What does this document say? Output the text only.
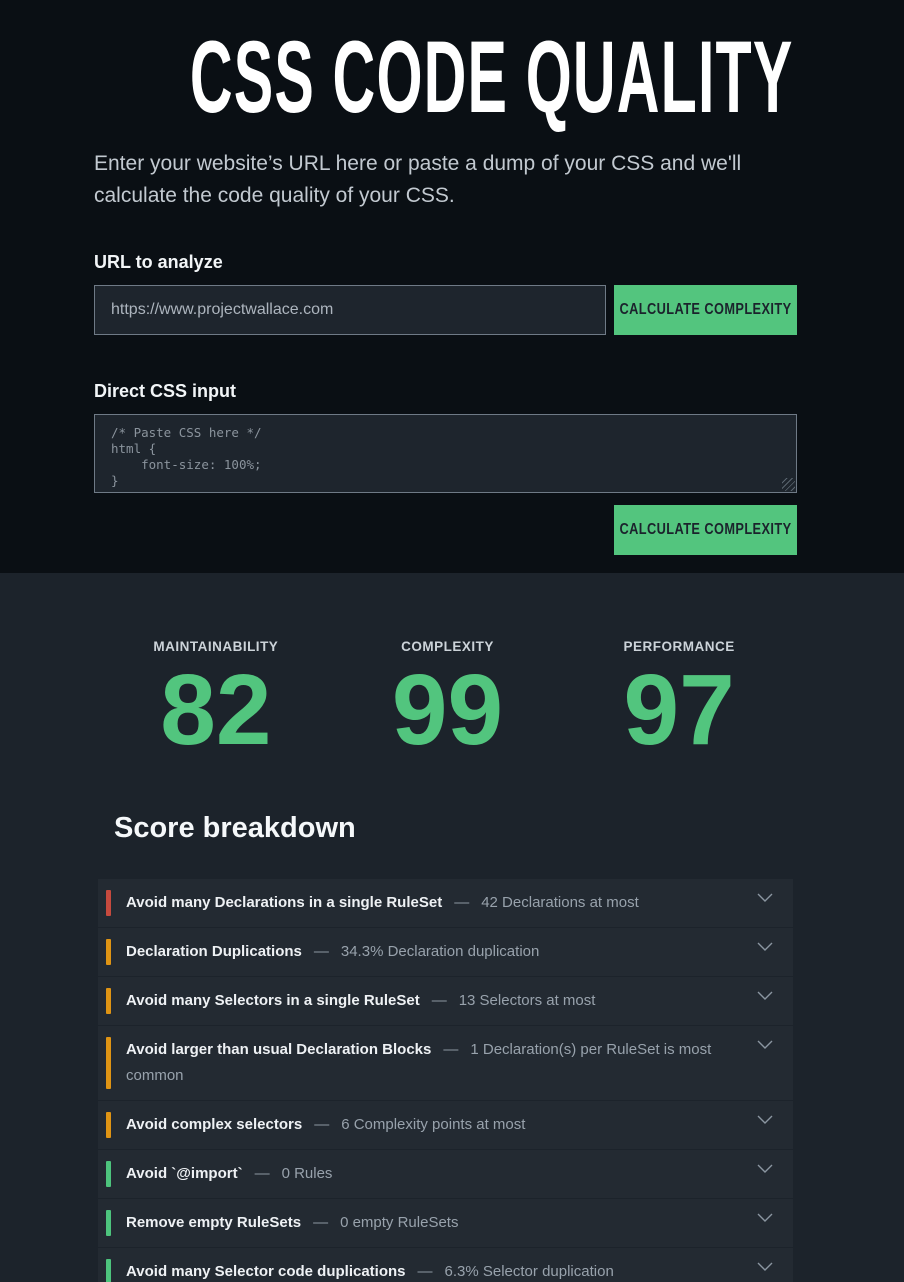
CSS CODE QUALITY

Enter your website’s URL here or paste a dump of your CSS and we'll calculate the code quality of your CSS.

URL to analyze
https://www.projectwallace.com
CALCULATE COMPLEXITY
Direct CSS input
/* Paste CSS here */ html { font-size: 100%; }
CALCULATE COMPLEXITY
MAINTAINABILITY
82
COMPLEXITY
99
PERFORMANCE
97
Score breakdown
Avoid many Declarations in a single RuleSet — 42 Declarations at most
Declaration Duplications — 34.3% Declaration duplication
Avoid many Selectors in a single RuleSet — 13 Selectors at most
Avoid larger than usual Declaration Blocks — 1 Declaration(s) per RuleSet is most common
Avoid complex selectors — 6 Complexity points at most
Avoid `@import` — 0 Rules
Remove empty RuleSets — 0 empty RuleSets
Avoid many Selector code duplications — 6.3% Selector duplication
